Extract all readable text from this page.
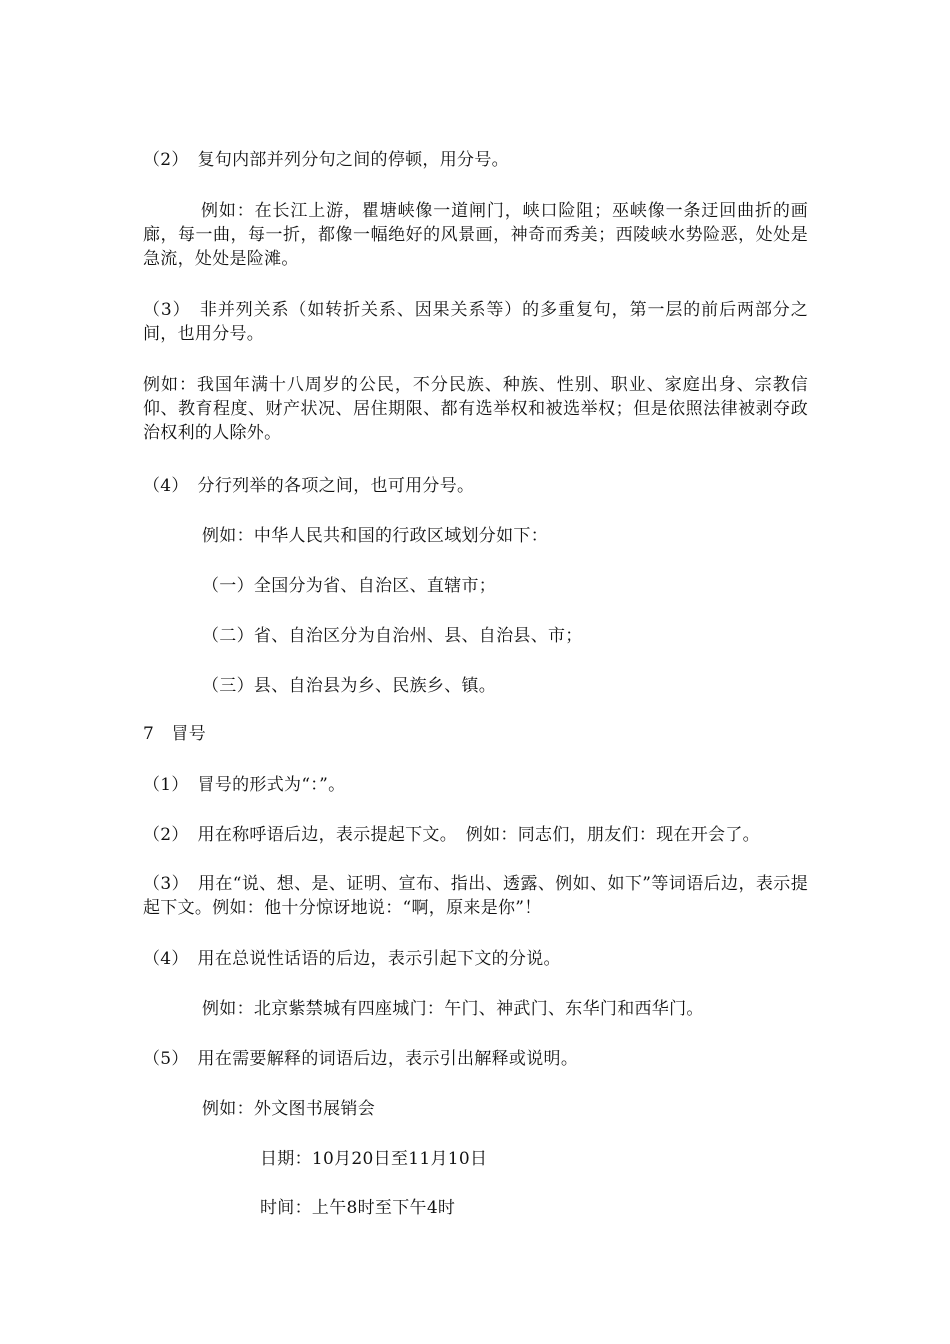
（2）　复句内部并列分句之间的停顿，用分号。
例如：在长江上游，瞿塘峡像一道闸门，峡口险阻；巫峡像一条迂回曲折的画廊，每一曲，每一折，都像一幅绝好的风景画，神奇而秀美；西陵峡水势险恶，处处是急流，处处是险滩。
（3）　非并列关系（如转折关系、因果关系等）的多重复句，第一层的前后两部分之间，也用分号。
例如：我国年满十八周岁的公民，不分民族、种族、性别、职业、家庭出身、宗教信仰、教育程度、财产状况、居住期限、都有选举权和被选举权；但是依照法律被剥夺政治权利的人除外。
（4）　分行列举的各项之间，也可用分号。
例如：中华人民共和国的行政区域划分如下：
（一）全国分为省、自治区、直辖市；
（二）省、自治区分为自治州、县、自治县、市；
（三）县、自治县为乡、民族乡、镇。
7　冒号
（1）　冒号的形式为“：”。
（2）　用在称呼语后边，表示提起下文。　例如：同志们，朋友们：现在开会了。
（3）　用在“说、想、是、证明、宣布、指出、透露、例如、如下”等词语后边，表示提起下文。例如：他十分惊讶地说：“啊，原来是你”！
（4）　用在总说性话语的后边，表示引起下文的分说。
例如：北京紫禁城有四座城门：午门、神武门、东华门和西华门。
（5）　用在需要解释的词语后边，表示引出解释或说明。
例如：外文图书展销会
日期：10月20日至11月10日
时间：上午8时至下午4时
